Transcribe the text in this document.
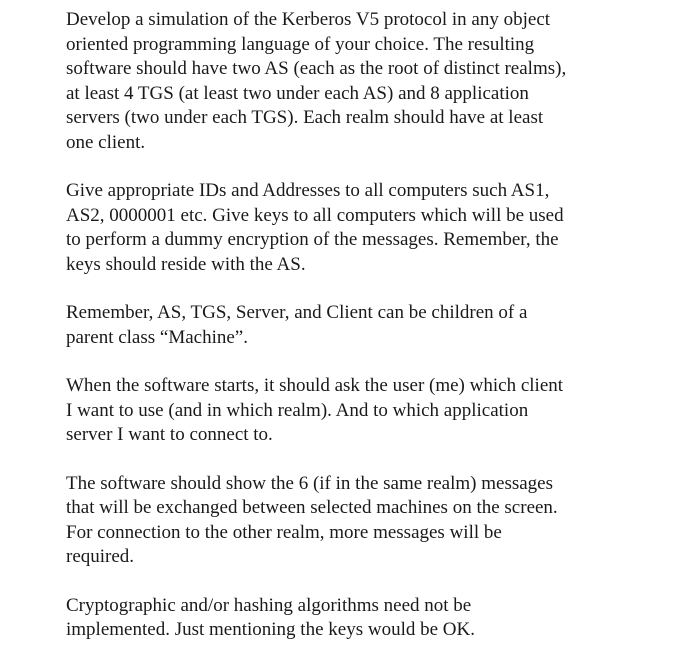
Develop a simulation of the Kerberos V5 protocol in any object
oriented programming language of your choice. The resulting
software should have two AS (each as the root of distinct realms),
at least 4 TGS (at least two under each AS) and 8 application
servers (two under each TGS). Each realm should have at least
one client.

Give appropriate IDs and Addresses to all computers such AS1,
AS2, 0000001 etc. Give keys to all computers which will be used
to perform a dummy encryption of the messages. Remember, the
keys should reside with the AS.

Remember, AS, TGS, Server, and Client can be children of a
parent class “Machine”.

When the software starts, it should ask the user (me) which client
I want to use (and in which realm). And to which application
server I want to connect to.

The software should show the 6 (if in the same realm) messages
that will be exchanged between selected machines on the screen.
For connection to the other realm, more messages will be
required.

Cryptographic and/or hashing algorithms need not be
implemented. Just mentioning the keys would be OK.
